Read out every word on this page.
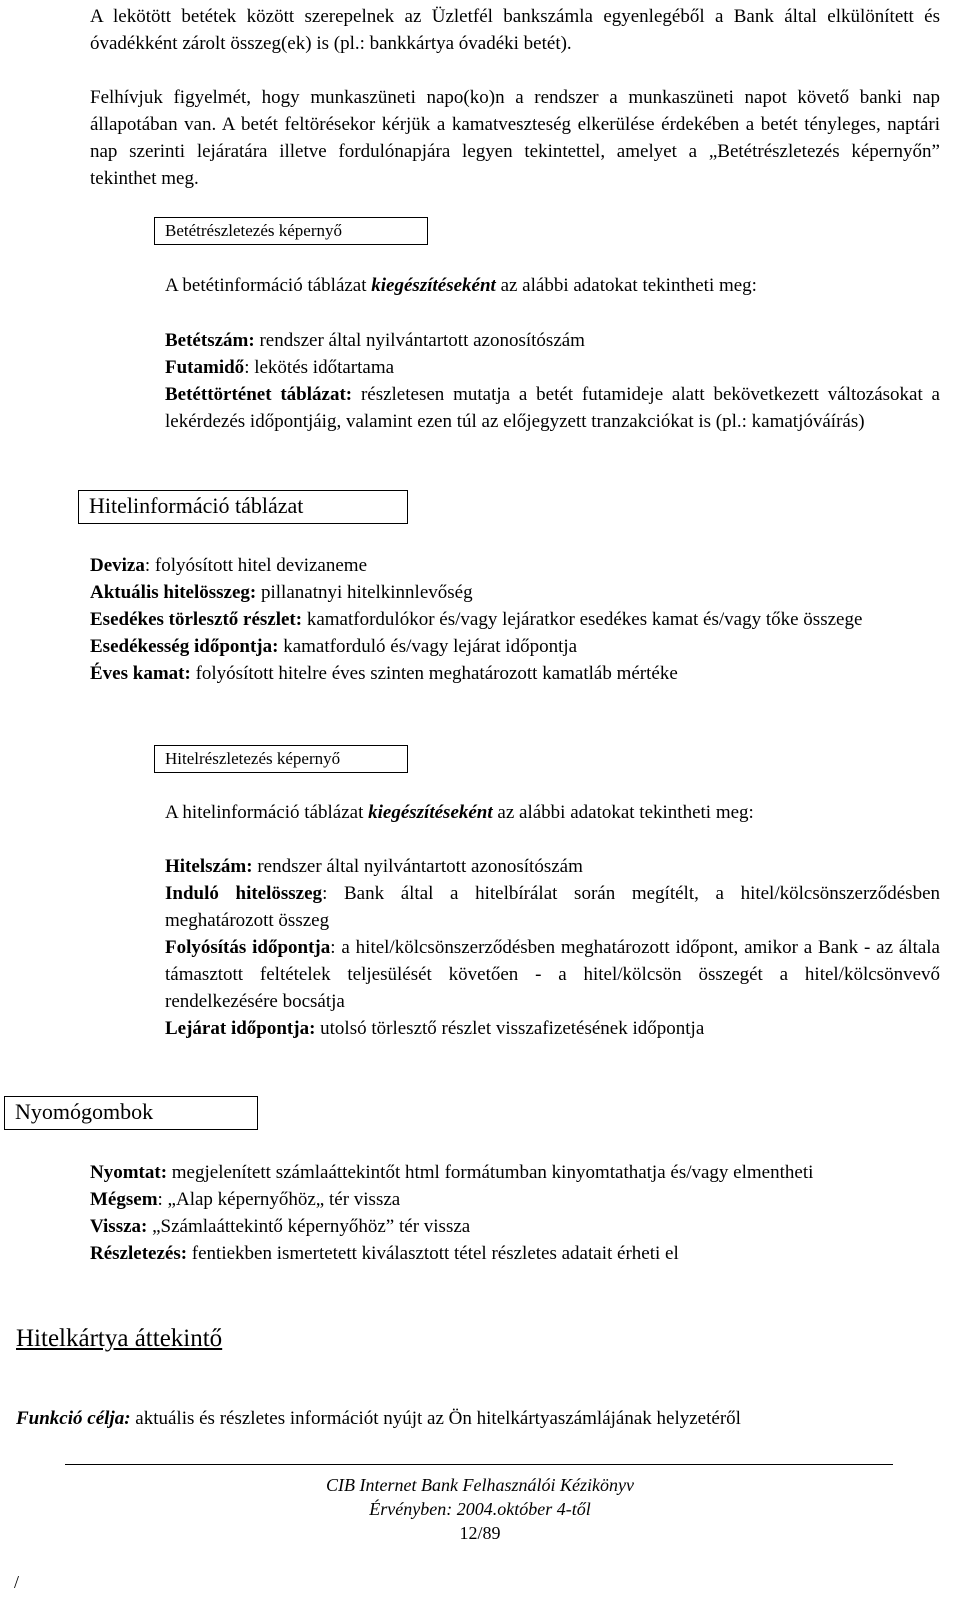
A lekötött betétek között szerepelnek az Üzletfél bankszámla egyenlegéből a Bank által elkülönített és óvadékként zárolt összeg(ek) is (pl.: bankkártya óvadéki betét).

Felhívjuk figyelmét, hogy munkaszüneti napo(ko)n a rendszer a munkaszüneti napot követő banki nap állapotában van. A betét feltörésekor kérjük a kamatveszteség elkerülése érdekében a betét tényleges, naptári nap szerinti lejáratára illetve fordulónapjára legyen tekintettel, amelyet a „Betétrészletezés képernyőn” tekinthet meg.

Betétrészletezés képernyő

A betétinformáció táblázat kiegészítéseként az alábbi adatokat tekintheti meg:

Betétszám: rendszer által nyilvántartott azonosítószám

Futamidő: lekötés időtartama

Betéttörténet táblázat: részletesen mutatja a betét futamideje alatt bekövetkezett változásokat a lekérdezés időpontjáig, valamint ezen túl az előjegyzett tranzakciókat is (pl.: kamatjóváírás)

Hitelinformáció táblázat

Deviza: folyósított hitel devizaneme

Aktuális hitelösszeg: pillanatnyi hitelkinnlevőség

Esedékes törlesztő részlet: kamatfordulókor és/vagy lejáratkor esedékes kamat és/vagy tőke összege

Esedékesség időpontja: kamatforduló és/vagy lejárat időpontja

Éves kamat: folyósított hitelre éves szinten meghatározott kamatláb mértéke

Hitelrészletezés képernyő

A hitelinformáció táblázat kiegészítéseként az alábbi adatokat tekintheti meg:

Hitelszám: rendszer által nyilvántartott azonosítószám

Induló hitelösszeg: Bank által a hitelbírálat során megítélt, a hitel/kölcsönszerződésben meghatározott összeg

Folyósítás időpontja: a hitel/kölcsönszerződésben meghatározott időpont, amikor a Bank - az általa támasztott feltételek teljesülését követően - a hitel/kölcsön összegét a hitel/kölcsönvevő rendelkezésére bocsátja

Lejárat időpontja: utolsó törlesztő részlet visszafizetésének időpontja

Nyomógombok

Nyomtat: megjelenített számlaáttekintőt html formátumban kinyomtathatja és/vagy elmentheti

Mégsem: „Alap képernyőhöz„ tér vissza

Vissza: „Számlaáttekintő képernyőhöz” tér vissza

Részletezés: fentiekben ismertetett kiválasztott tétel részletes adatait érheti el

Hitelkártya áttekintő

Funkció célja: aktuális és részletes információt nyújt az Ön hitelkártyaszámlájának helyzetéről

CIB Internet Bank Felhasználói Kézikönyv
Érvényben: 2004.október 4-től
12/89
/
